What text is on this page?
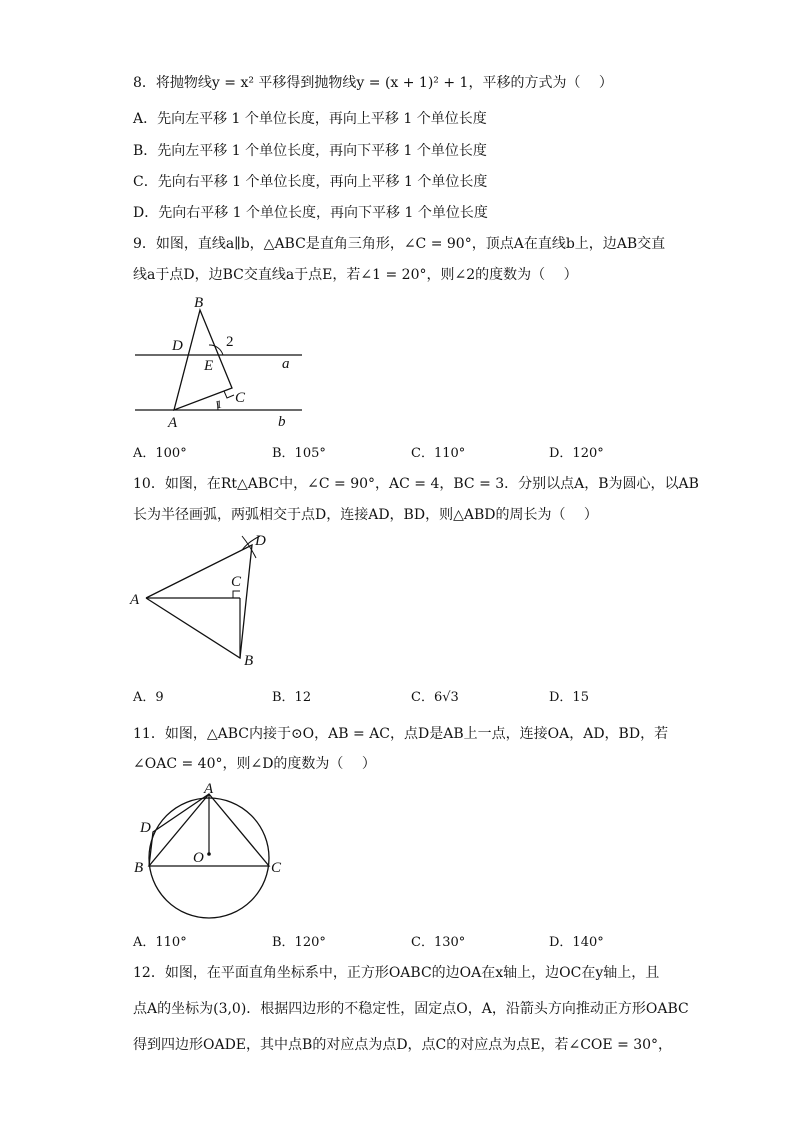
8．将抛物线y = x² 平移得到抛物线y = (x + 1)² + 1，平移的方式为（　 ）
A．先向左平移 1 个单位长度，再向上平移 1 个单位长度
B．先向左平移 1 个单位长度，再向下平移 1 个单位长度
C．先向右平移 1 个单位长度，再向上平移 1 个单位长度
D．先向右平移 1 个单位长度，再向下平移 1 个单位长度
9．如图，直线a∥b，△ABC是直角三角形，∠C = 90°，顶点A在直线b上，边AB交直
线a于点D，边BC交直线a于点E，若∠1 = 20°，则∠2的度数为（　 ）
B
D
E
C
A
a
b
1
2
A．100°	B．105°	C．110°	D．120°
10．如图，在Rt△ABC中，∠C = 90°，AC = 4，BC = 3．分别以点A，B为圆心，以AB
长为半径画弧，两弧相交于点D，连接AD，BD，则△ABD的周长为（　 ）
A
C
B
D
A．9	B．12	C．6√3	D．15
11．如图，△ABC内接于⊙O，AB = AC，点D是AB上一点，连接OA，AD，BD，若
∠OAC = 40°，则∠D的度数为（　 ）
A
D
B	C
O
A．110°	B．120°	C．130°	D．140°
12．如图，在平面直角坐标系中，正方形OABC的边OA在x轴上，边OC在y轴上，且
点A的坐标为(3,0)．根据四边形的不稳定性，固定点O，A，沿箭头方向推动正方形OABC
得到四边形OADE，其中点B的对应点为点D，点C的对应点为点E，若∠COE = 30°，
